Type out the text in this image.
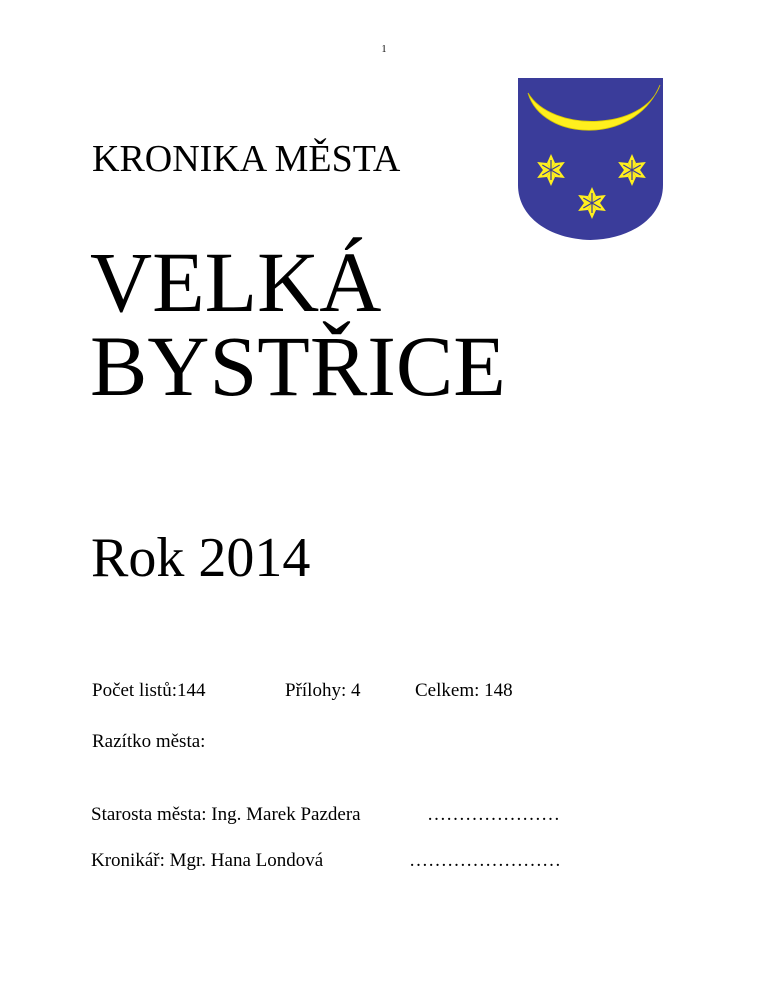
1
KRONIKA MĚSTA
VELKÁ
BYSTŘICE
Rok 2014
Počet listů:144	Přílohy: 4	Celkem: 148
Razítko města:
Starosta města: Ing. Marek Pazdera	…………………
Kronikář: Mgr. Hana Londová	……………………
